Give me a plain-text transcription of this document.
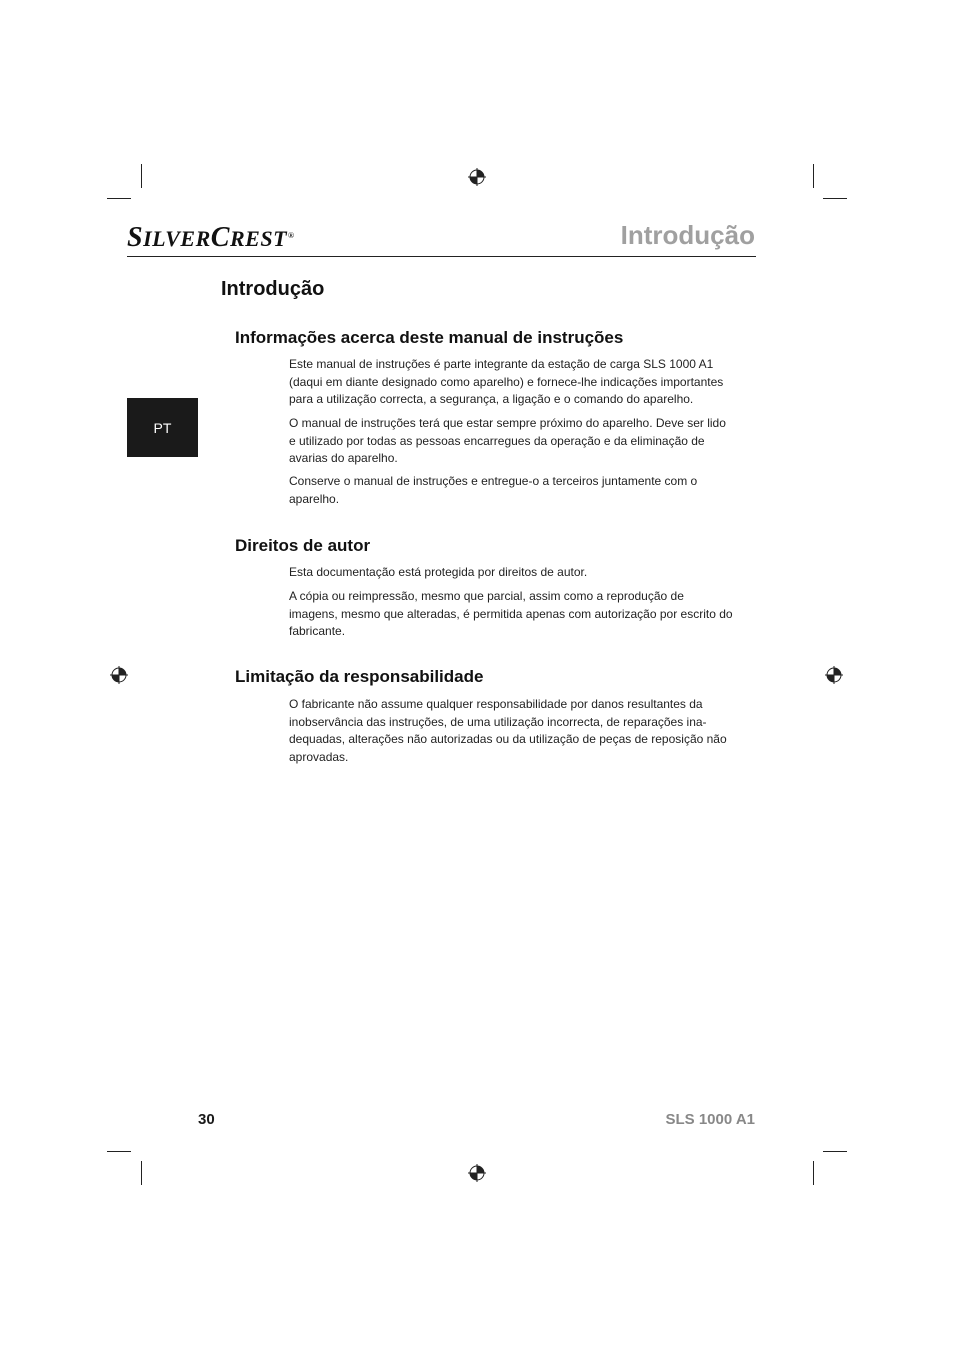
SILVERCREST®	Introdução
PT
Introdução
Informações acerca deste manual de instruções
Este manual de instruções é parte integrante da estação de carga SLS 1000 A1 (daqui em diante designado como aparelho) e fornece-lhe indicações importantes para a utilização correcta, a segurança, a ligação e o comando do aparelho.
O manual de instruções terá que estar sempre próximo do aparelho. Deve ser lido e utilizado por todas as pessoas encarregues da operação e da eliminação de avarias do aparelho.
Conserve o manual de instruções e entregue-o a terceiros juntamente com o aparelho.
Direitos de autor
Esta documentação está protegida por direitos de autor.
A cópia ou reimpressão, mesmo que parcial, assim como a reprodução de imagens, mesmo que alteradas, é permitida apenas com autorização por escrito do fabricante.
Limitação da responsabilidade
O fabricante não assume qualquer responsabilidade por danos resultantes da inobservância das instruções, de uma utilização incorrecta, de reparações ina-dequadas, alterações não autorizadas ou da utilização de peças de reposição não aprovadas.
30	SLS 1000 A1
